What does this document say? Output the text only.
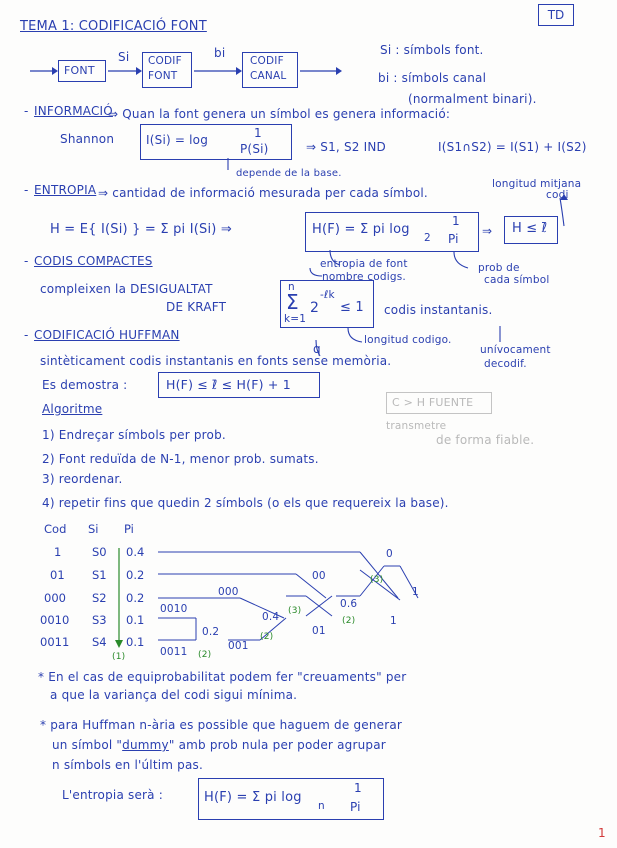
TD
TEMA 1: CODIFICACIÓ FONT
FONT
Si CODIF
FONT
bi
CODIF
CANAL
Si : símbols font.
bi : símbols canal
(normalment binari).
- INFORMACIÓ
⇒ Quan la font genera un símbol es genera informació:
Shannon	I(Si) = log	1
P(Si)	⇒ S1, S2 IND	I(S1∩S2) = I(S1) + I(S2)
depende de la base.
- ENTROPIA ⇒ cantidad de informació mesurada per cada símbol.
longitud mitjana
codi
H = E{ I(Si) } = Σ pi I(Si) ⇒	H(F) = Σ pi log
2
1
Pi
⇒ H ≤ ℓ̄
- CODIS COMPACTES	entropia de font
nombre codigs.
prob de
cada símbol
compleixen la DESIGUALTAT
DE KRAFT
n
Σ
k=1
2
-ℓk
≤ 1 codis instantanis.
q
longitud codigo.
unívocament
decodif.
- CODIFICACIÓ HUFFMAN
sintèticament codis instantanis en fonts sense memòria.
Es demostra :	H(F) ≤ ℓ̄ ≤ H(F) + 1
C > H FUENTE
transmetre
de forma fiable.
Algoritme
1) Endreçar símbols per prob.
2) Font reduïda de N-1, menor prob. sumats.
3) reordenar.
4) repetir fins que quedin 2 símbols (o els que requereix la base).
Cod Si Pi
1	S0 0.4
01 S1 0.2
000 S2 0.2
0010 S3 0.1
0011 S4 0.1
0010
000
0011
0.2
001
0.4
00
01
0.6
0
1
1
(1)	(2)
(2)
(3)
(2)
(3)
* En el cas de equiprobabilitat podem fer "creuaments" per
a que la variança del codi sigui mínima.
* para Huffman n-ària es possible que haguem de generar
un símbol "dummy" amb prob nula per poder agrupar
n símbols en l'últim pas.
L'entropia serà :	H(F) = Σ pi log
n
1
Pi
1
